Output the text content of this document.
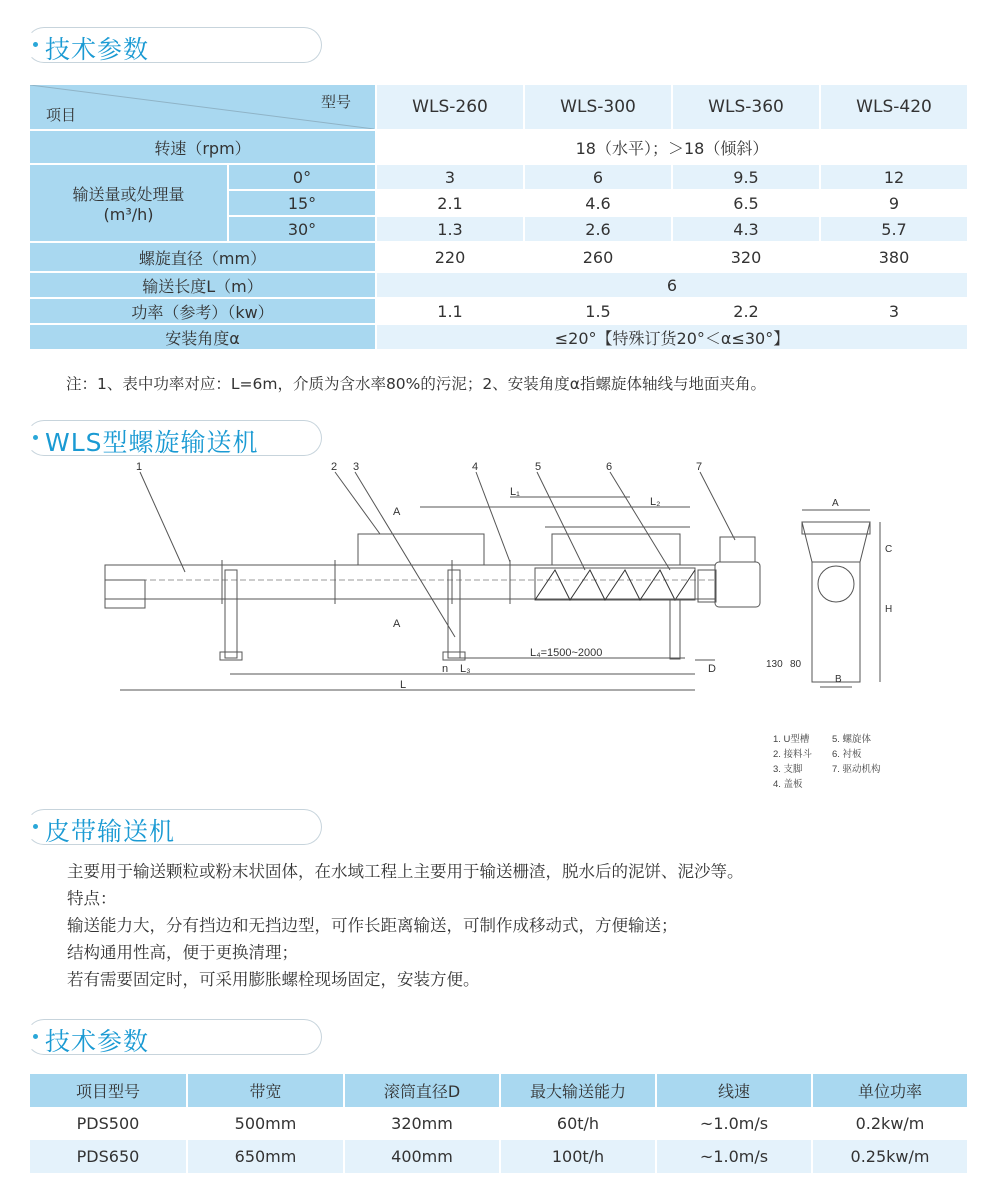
技术参数
型号
项目		WLS-260	WLS-300	WLS-360	WLS-420
转速（rpm）		18（水平）；＞18（倾斜）			

输送量或处理量
(m³/h)	0°	3	6	9.5	12
	15°	2.1	4.6	6.5	9
	30°	1.3	2.6	4.3	5.7
螺旋直径（mm）		220	260	320	380
输送长度L（m）		6			
功率（参考）（kw）		1.1	1.5	2.2	3
安装角度α		≤20°【特殊订货20°＜α≤30°】			
注：1、表中功率对应：L=6m，介质为含水率80%的污泥；2、安装角度α指螺旋体轴线与地面夹角。
WLS型螺旋输送机
1	2 3	4	5	6	7
L
L₁
L₂
L₃
L₄=1500~2000
n	D
A
A
A
C
H
B
130 80
1. U型槽 5. 螺旋体
2. 接料斗 6. 衬板
3. 支脚	7. 驱动机构
4. 盖板
皮带输送机
主要用于输送颗粒或粉末状固体，在水域工程上主要用于输送栅渣，脱水后的泥饼、泥沙等。
特点：
输送能力大，分有挡边和无挡边型，可作长距离输送，可制作成移动式，方便输送；
结构通用性高，便于更换清理；
若有需要固定时，可采用膨胀螺栓现场固定，安装方便。
技术参数
项目型号	带宽	滚筒直径D	最大输送能力	线速	单位功率
PDS500	500mm	320mm	60t/h	~1.0m/s	0.2kw/m
PDS650	650mm	400mm	100t/h	~1.0m/s	0.25kw/m
